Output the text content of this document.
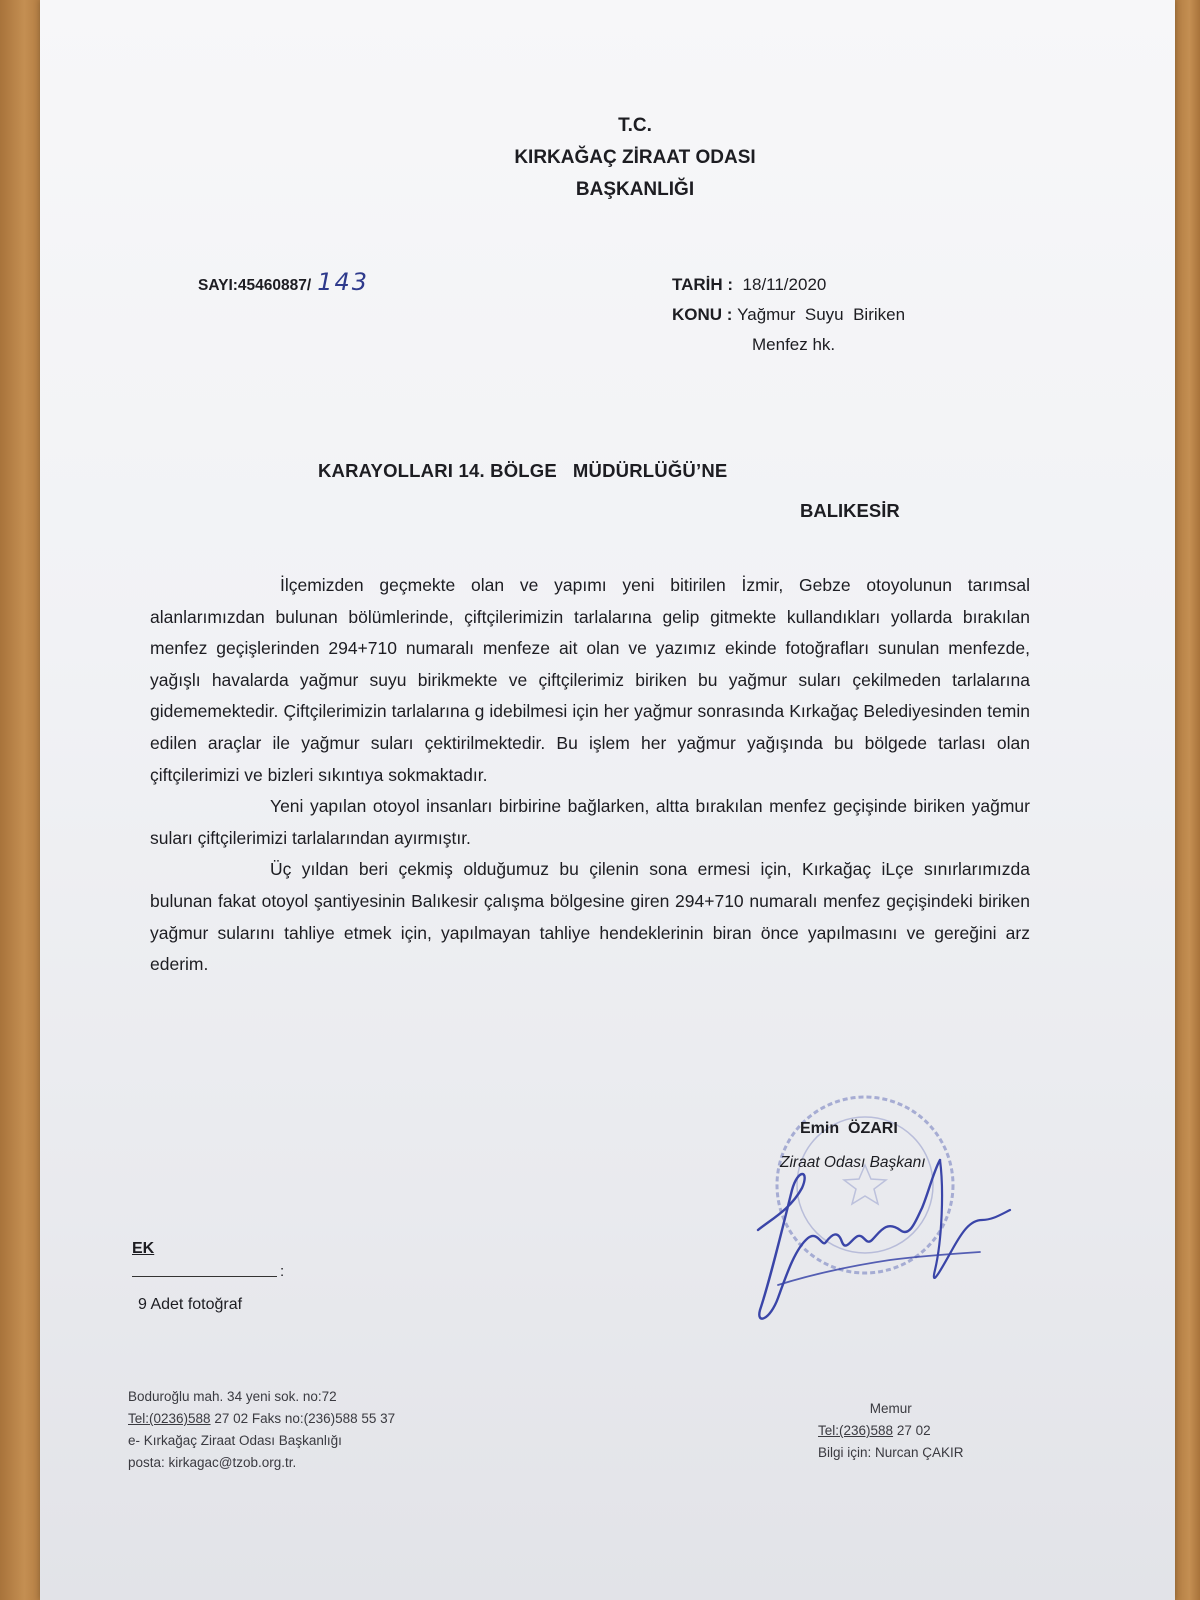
T.C.
KIRKAĞAÇ ZİRAAT ODASI
BAŞKANLIĞI
SAYI:45460887/ 143	TARİH :  18/11/2020
KONU : Yağmur  Suyu  Biriken
Menfez hk.
KARAYOLLARI 14. BÖLGE   MÜDÜRLÜĞÜ’NE
BALIKESİR

İlçemizden geçmekte olan ve yapımı yeni bitirilen İzmir, Gebze otoyolunun tarımsal alanlarımızdan bulunan bölümlerinde, çiftçilerimizin tarlalarına gelip gitmekte kullandıkları yollarda bırakılan menfez geçişlerinden 294+710 numaralı menfeze ait olan ve yazımız ekinde fotoğrafları sunulan menfezde, yağışlı havalarda yağmur suyu birikmekte ve çiftçilerimiz biriken bu yağmur suları çekilmeden tarlalarına gidememektedir. Çiftçilerimizin tarlalarına g idebilmesi için her yağmur sonrasında Kırkağaç Belediyesinden temin edilen araçlar ile yağmur suları çektirilmektedir. Bu işlem her yağmur yağışında bu bölgede tarlası olan çiftçilerimizi ve bizleri sıkıntıya sokmaktadır.

Yeni yapılan otoyol insanları birbirine bağlarken, altta bırakılan menfez geçişinde biriken yağmur suları çiftçilerimizi tarlalarından ayırmıştır.

Üç yıldan beri çekmiş olduğumuz bu çilenin sona ermesi için, Kırkağaç iLçe sınırlarımızda bulunan fakat otoyol şantiyesinin Balıkesir çalışma bölgesine giren 294+710 numaralı menfez geçişindeki biriken yağmur sularını tahliye etmek için, yapılmayan tahliye hendeklerinin biran önce yapılmasını ve gereğini arz ederim.

Emin  ÖZARI
Ziraat Odası Başkanı
EK
:
9 Adet fotoğraf
Boduroğlu mah. 34 yeni sok. no:72
Tel:(0236)588 27 02 Faks no:(236)588 55 37
e- Kırkağaç Ziraat Odası Başkanlığı
posta: kirkagac@tzob.org.tr.
Memur
Tel:(236)588 27 02
Bilgi için: Nurcan ÇAKIR
